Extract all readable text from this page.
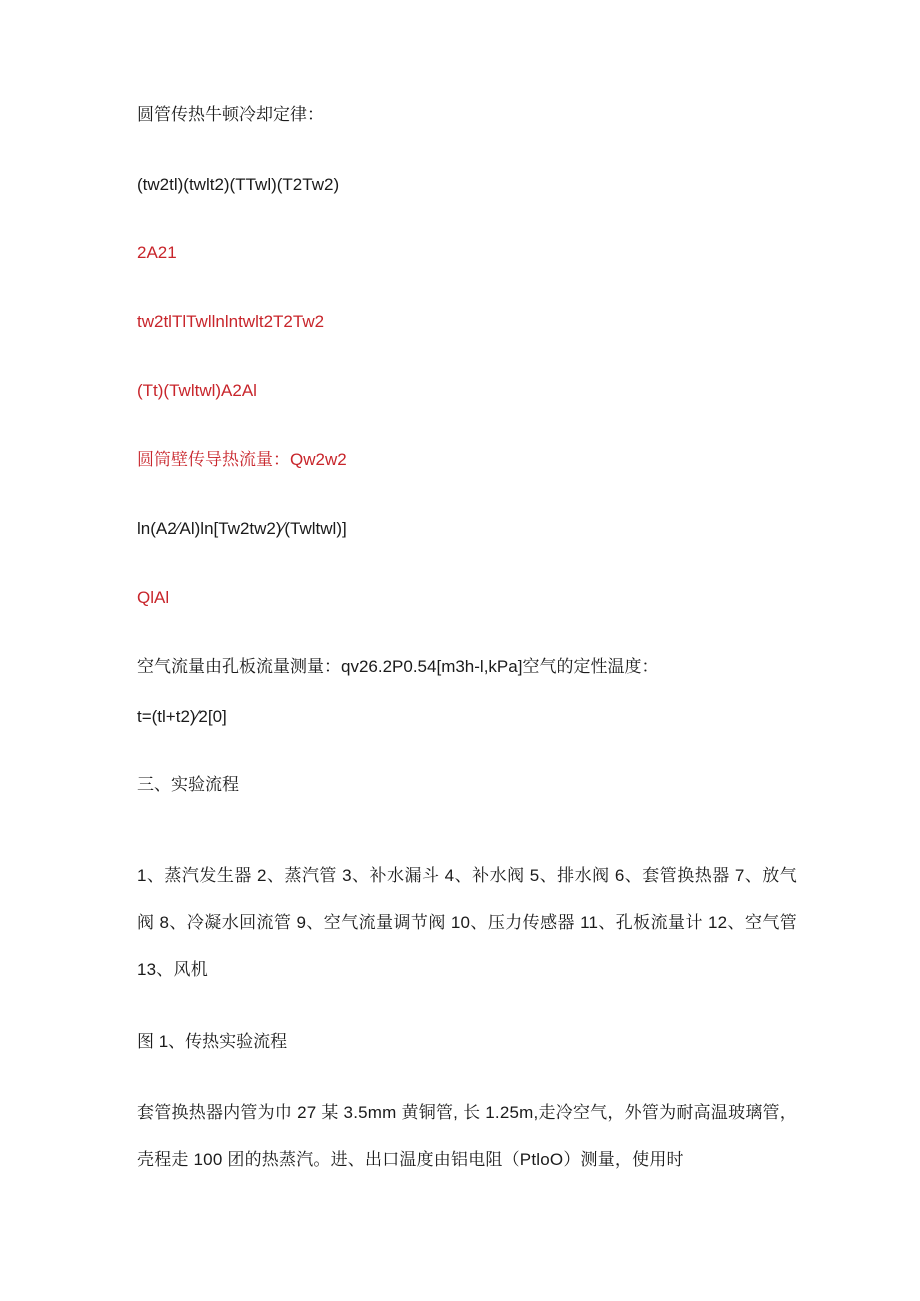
圆管传热牛顿冷却定律：
(tw2tl)(twlt2)(TTwl)(T2Tw2)
2A21
tw2tlTlTwllnlntwlt2T2Tw2
(Tt)(Twltwl)A2Al
圆筒壁传导热流量：Qw2w2
ln(A2∕Al)ln[Tw2tw2)∕(Twltwl)]
QlAl
空气流量由孔板流量测量：qv26.2P0.54[m3h-l,kPa]空气的定性温度：
t=(tl+t2)∕2[0]
三、实验流程
1、蒸汽发生器 2、蒸汽管 3、补水漏斗 4、补水阀 5、排水阀 6、套管换热器 7、放气阀 8、冷凝水回流管 9、空气流量调节阀 10、压力传感器 11、孔板流量计 12、空气管 13、风机
图 1、传热实验流程
套管换热器内管为巾 27 某 3.5mm 黄铜管, 长 1.25m,走冷空气，外管为耐高温玻璃管，壳程走 100 团的热蒸汽。进、出口温度由铝电阻（PtloO）测量，使用时
